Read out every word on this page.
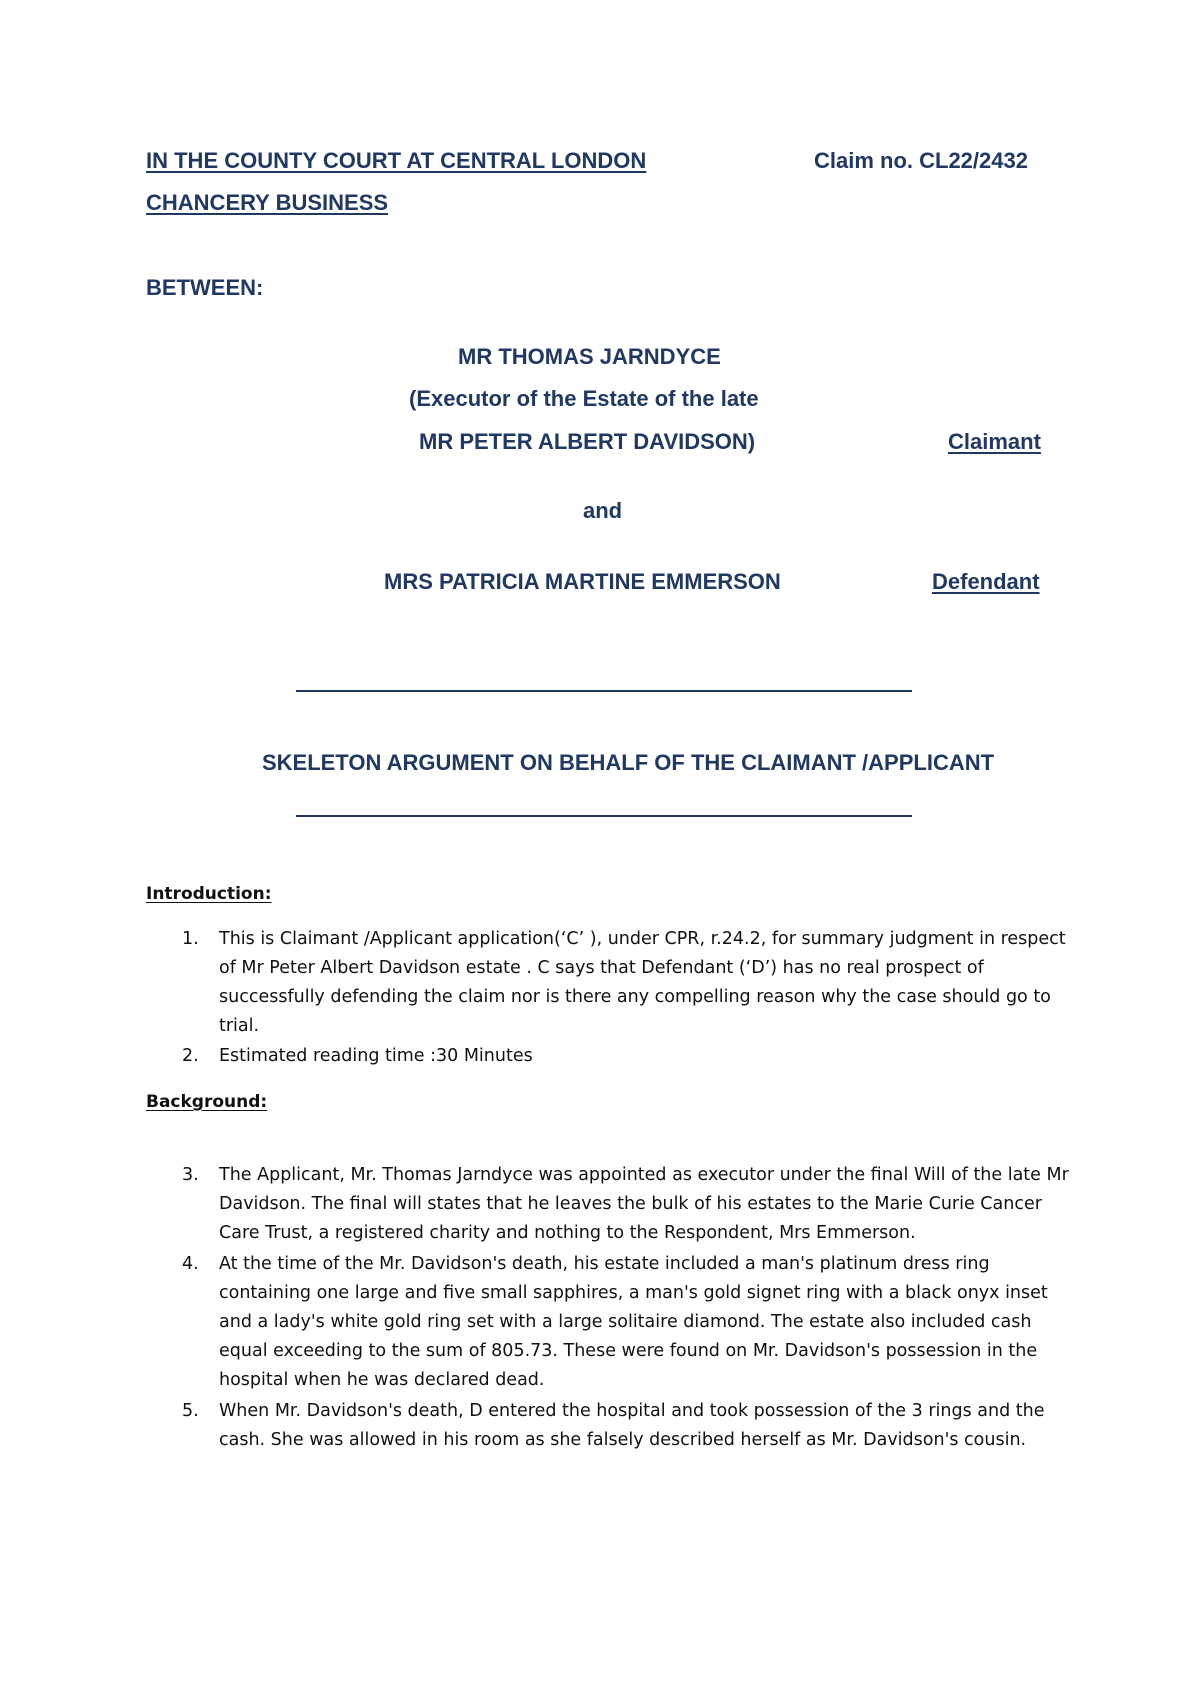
IN THE COUNTY COURT AT CENTRAL LONDON	Claim no. CL22/2432
CHANCERY BUSINESS
BETWEEN:
MR THOMAS JARNDYCE
(Executor of the Estate of the late
MR PETER ALBERT DAVIDSON)	Claimant
and
MRS PATRICIA MARTINE EMMERSON	Defendant
SKELETON ARGUMENT ON BEHALF OF THE CLAIMANT /APPLICANT
Introduction:
1.	This is Claimant /Applicant application(‘C’ ), under CPR, r.24.2, for summary judgment in respect of Mr Peter Albert Davidson estate . C says that Defendant (‘D’) has no real prospect of successfully defending the claim nor is there any compelling reason why the case should go to trial.
2.	Estimated reading time :30 Minutes
Background:
3.	The Applicant, Mr. Thomas Jarndyce was appointed as executor under the final Will of the late Mr Davidson. The final will states that he leaves the bulk of his estates to the Marie Curie Cancer Care Trust, a registered charity and nothing to the Respondent, Mrs Emmerson.
4.	At the time of the Mr. Davidson's death, his estate included a man's platinum dress ring containing one large and five small sapphires, a man's gold signet ring with a black onyx inset and a lady's white gold ring set with a large solitaire diamond. The estate also included cash equal exceeding to the sum of 805.73. These were found on Mr. Davidson's possession in the hospital when he was declared dead.
5.	When Mr. Davidson's death, D entered the hospital and took possession of the 3 rings and the cash. She was allowed in his room as she falsely described herself as Mr. Davidson's cousin.
